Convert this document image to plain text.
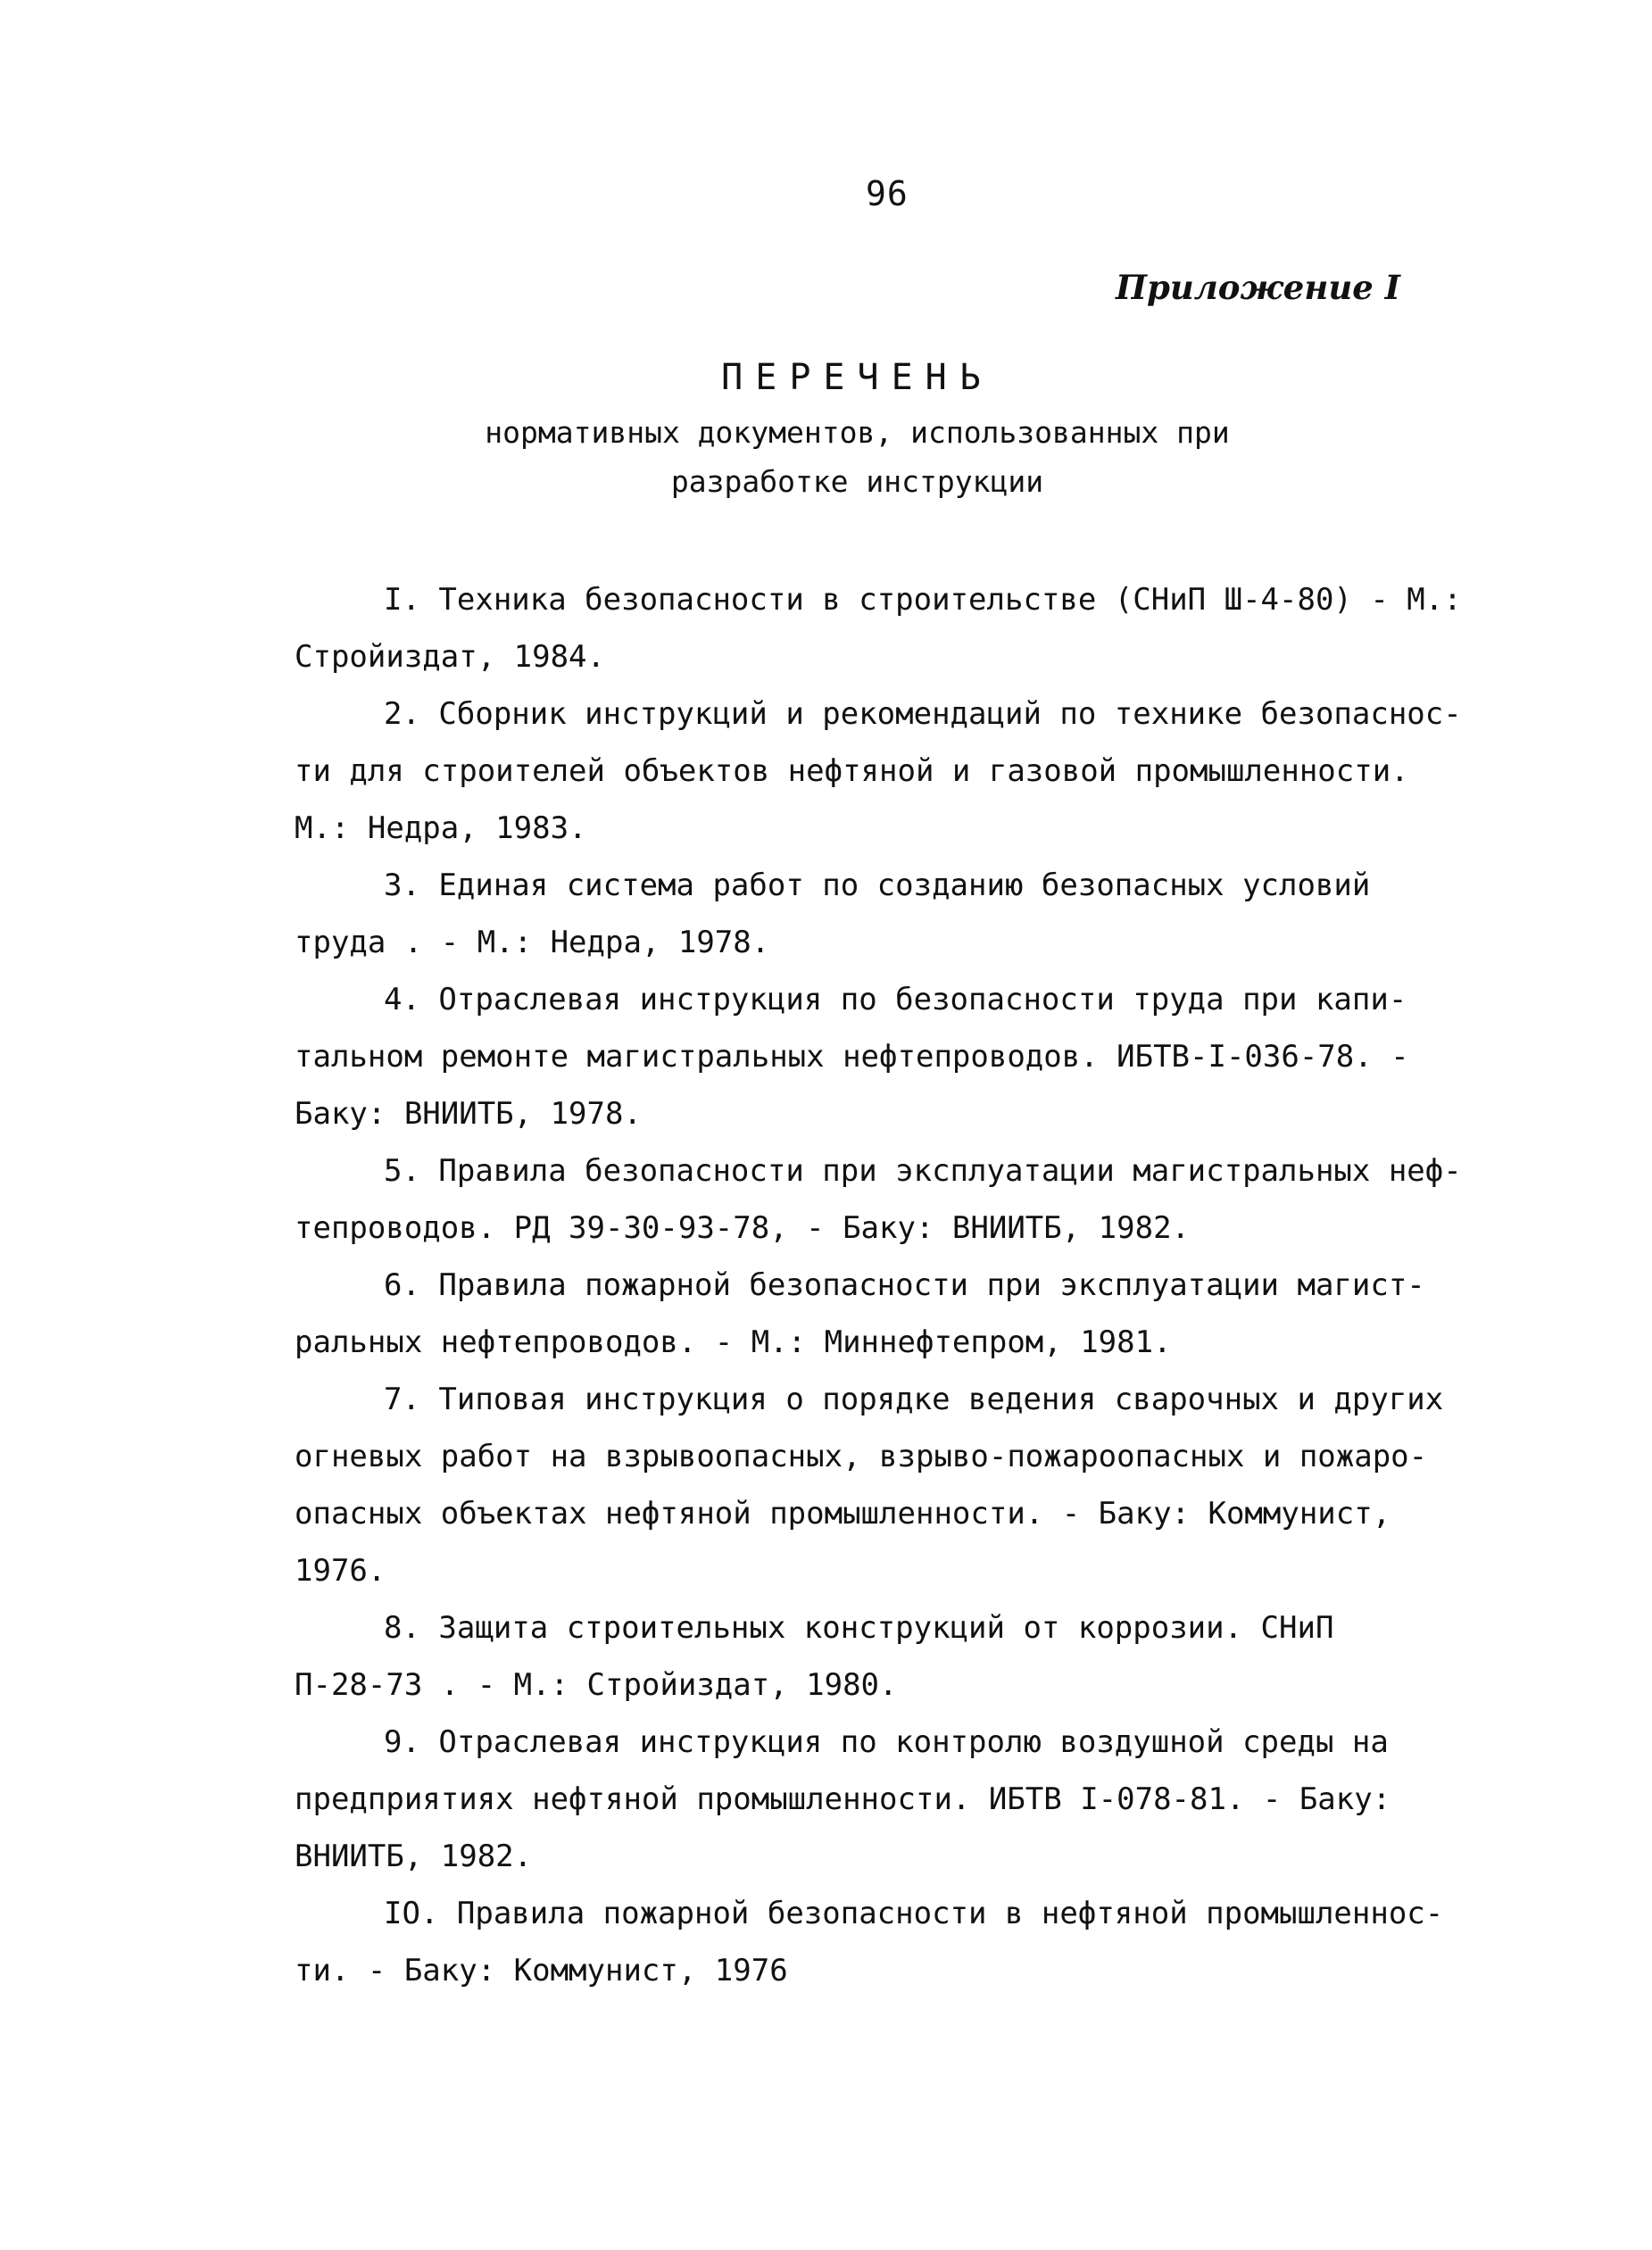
96
Приложение I
ПЕРЕЧЕНЬ
нормативных документов, использованных при
разработке инструкции
I. Техника безопасности в строительстве (СНиП Ш-4-80) - М.:
Стройиздат, 1984.
2. Сборник инструкций и рекомендаций по технике безопаснос-
ти для строителей объектов нефтяной и газовой промышленности.
М.: Недра, 1983.
3. Единая система работ по созданию безопасных условий
труда . - М.: Недра, 1978.
4. Отраслевая инструкция по безопасности труда при капи-
тальном ремонте магистральных нефтепроводов. ИБТВ-I-036-78. -
Баку: ВНИИТБ, 1978.
5. Правила безопасности при эксплуатации магистральных неф-
тепроводов. РД 39-30-93-78, - Баку: ВНИИТБ, 1982.
6. Правила пожарной безопасности при эксплуатации магист-
ральных нефтепроводов. - М.: Миннефтепром, 1981.
7. Типовая инструкция о порядке ведения сварочных и других
огневых работ на взрывоопасных, взрыво-пожароопасных и пожаро-
опасных объектах нефтяной промышленности. - Баку: Коммунист,
1976.
8. Защита строительных конструкций от коррозии. СНиП
П-28-73 . - М.: Стройиздат, 1980.
9. Отраслевая инструкция по контролю воздушной среды на
предприятиях нефтяной промышленности. ИБТВ I-078-81. - Баку:
ВНИИТБ, 1982.
IO. Правила пожарной безопасности в нефтяной промышленнос-
ти. - Баку: Коммунист, 1976
